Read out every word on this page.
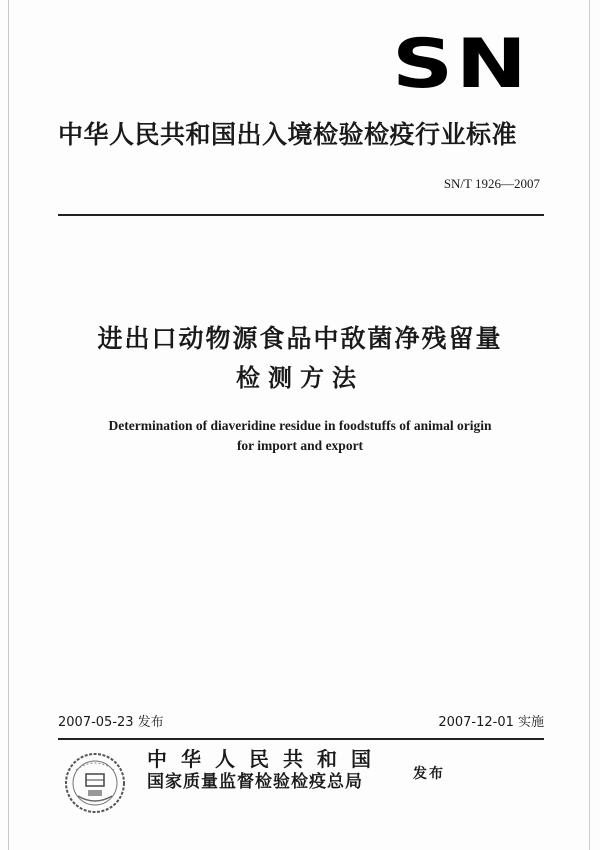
SN
中华人民共和国出入境检验检疫行业标准
SN/T 1926—2007
进出口动物源食品中敌菌净残留量
检测方法
Determination of diaveridine residue in foodstuffs of animal origin
for import and export
2007-05-23 发布	2007-12-01 实施
中华人民共和国
国家质量监督检验检疫总局	发布
